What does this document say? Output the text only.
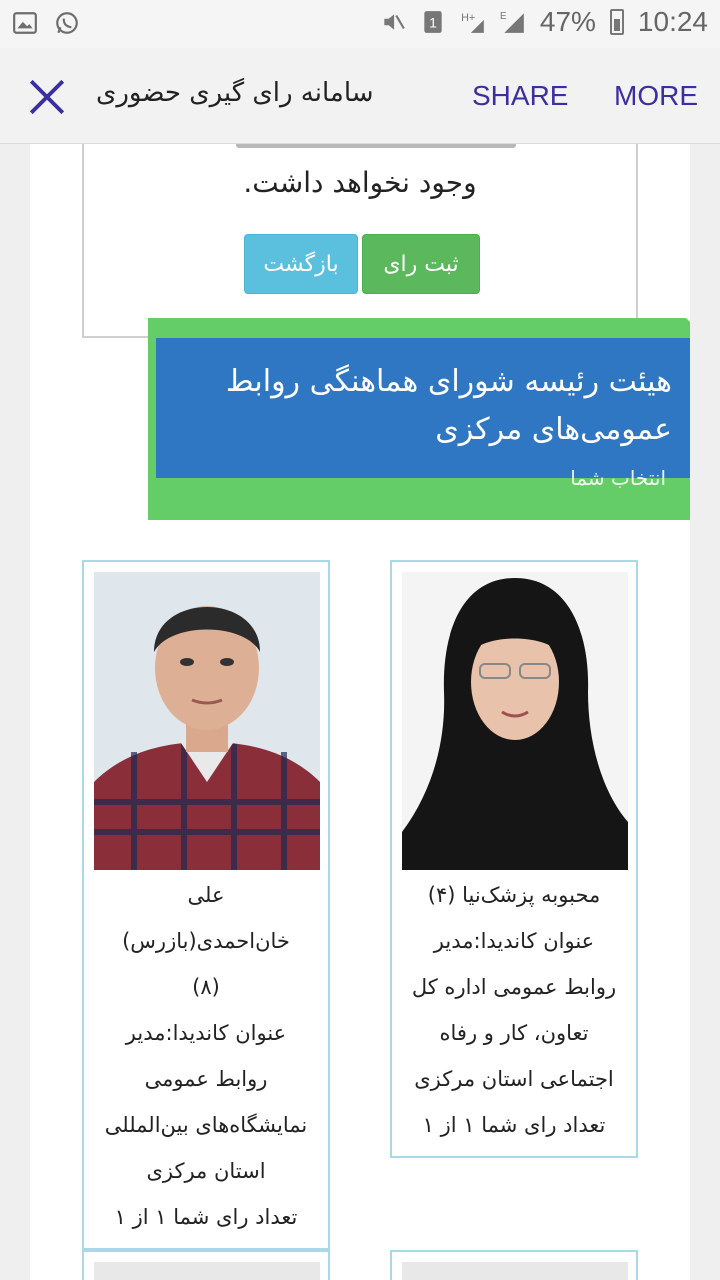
1 H+	E 47% 10:24
سامانه رای گیری حضوری	SHARE MORE
وجود نخواهد داشت.
بازگشت	ثبت رای
هیئت رئیسه شورای هماهنگی روابط عمومی‌های مرکزی
انتخاب شما
محبوبه پزشک‌نیا (۴)
عنوان کاندیدا:مدیر
روابط عمومی اداره کل
تعاون، کار و رفاه
اجتماعی استان مرکزی
تعداد رای شما ۱ از ۱
علی
خان‌احمدی(بازرس)
(۸)
عنوان کاندیدا:مدیر
روابط عمومی
نمایشگاه‌های بین‌المللی
استان مرکزی
تعداد رای شما ۱ از ۱
